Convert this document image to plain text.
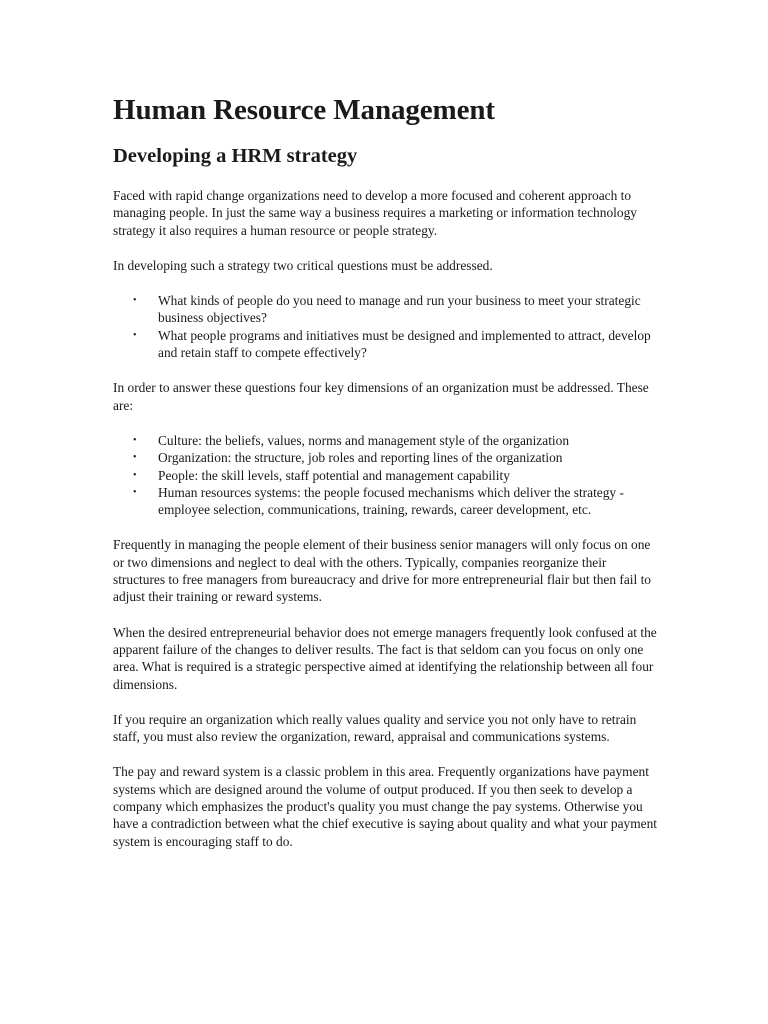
Human Resource Management
Developing a HRM strategy

Faced with rapid change organizations need to develop a more focused and coherent approach to managing people. In just the same way a business requires a marketing or information technology strategy it also requires a human resource or people strategy.

In developing such a strategy two critical questions must be addressed.

• What kinds of people do you need to manage and run your business to meet your strategic business objectives?
• What people programs and initiatives must be designed and implemented to attract, develop and retain staff to compete effectively?

In order to answer these questions four key dimensions of an organization must be addressed. These are:

• Culture: the beliefs, values, norms and management style of the organization
• Organization: the structure, job roles and reporting lines of the organization
• People: the skill levels, staff potential and management capability
• Human resources systems: the people focused mechanisms which deliver the strategy - employee selection, communications, training, rewards, career development, etc.

Frequently in managing the people element of their business senior managers will only focus on one or two dimensions and neglect to deal with the others. Typically, companies reorganize their structures to free managers from bureaucracy and drive for more entrepreneurial flair but then fail to adjust their training or reward systems.

When the desired entrepreneurial behavior does not emerge managers frequently look confused at the apparent failure of the changes to deliver results. The fact is that seldom can you focus on only one area. What is required is a strategic perspective aimed at identifying the relationship between all four dimensions.

If you require an organization which really values quality and service you not only have to retrain staff, you must also review the organization, reward, appraisal and communications systems.

The pay and reward system is a classic problem in this area. Frequently organizations have payment systems which are designed around the volume of output produced. If you then seek to develop a company which emphasizes the product's quality you must change the pay systems. Otherwise you have a contradiction between what the chief executive is saying about quality and what your payment system is encouraging staff to do.
